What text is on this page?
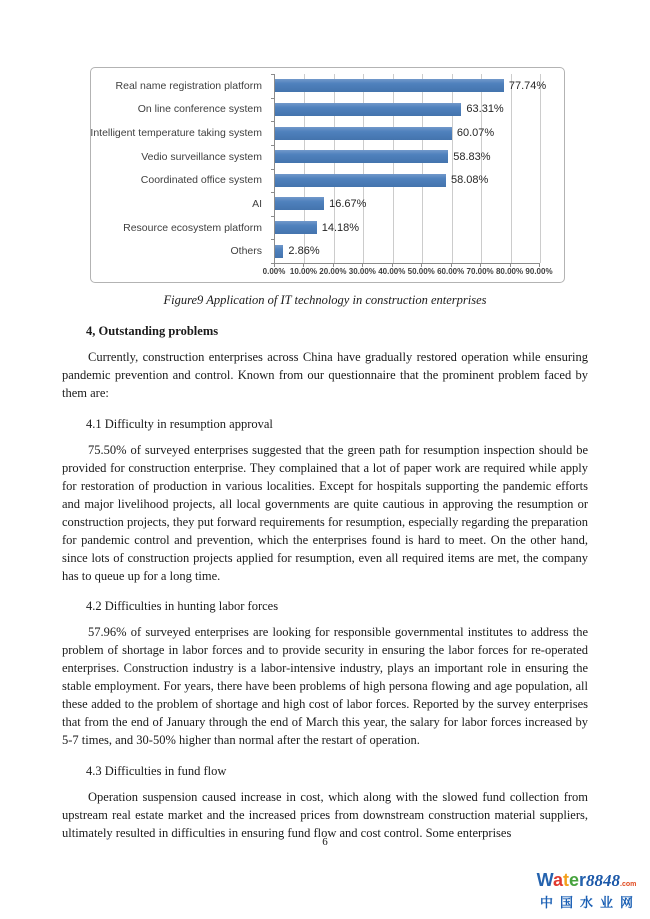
Real name registration platform
On line conference system
Intelligent temperature taking system
Vedio surveillance system
Coordinated office system
AI
Resource ecosystem platform
Others
77.74%
63.31%
60.07%
58.83%
58.08%
16.67%
14.18%
2.86%
0.00% 10.00% 20.00% 30.00% 40.00% 50.00% 60.00% 70.00% 80.00% 90.00%
Figure9 Application of IT technology in construction enterprises
4, Outstanding problems

Currently, construction enterprises across China have gradually restored operation while ensuring pandemic prevention and control. Known from our questionnaire that the prominent problem faced by them are:

4.1 Difficulty in resumption approval

75.50% of surveyed enterprises suggested that the green path for resumption inspection should be provided for construction enterprise. They complained that a lot of paper work are required while apply for restoration of production in various localities. Except for hospitals supporting the pandemic efforts and major livelihood projects, all local governments are quite cautious in approving the resumption or construction projects, they put forward requirements for resumption, especially regarding the preparation for pandemic control and prevention, which the enterprises found is hard to meet. On the other hand, since lots of construction projects applied for resumption, even all required items are met, the company has to queue up for a long time.

4.2 Difficulties in hunting labor forces

57.96% of surveyed enterprises are looking for responsible governmental institutes to address the problem of shortage in labor forces and to provide security in ensuring the labor forces for re-operated enterprises. Construction industry is a labor-intensive industry, plays an important role in ensuring the stable employment. For years, there have been problems of high persona flowing and age population, all these added to the problem of shortage and high cost of labor forces. Reported by the survey enterprises that from the end of January through the end of March this year, the salary for labor forces increased by 5-7 times, and 30-50% higher than normal after the restart of operation.

4.3 Difficulties in fund flow

Operation suspension caused increase in cost, which along with the slowed fund collection from upstream real estate market and the increased prices from downstream construction material suppliers, ultimately resulted in difficulties in ensuring fund flow and cost control. Some enterprises

6
Water8848.com
中国水业网
